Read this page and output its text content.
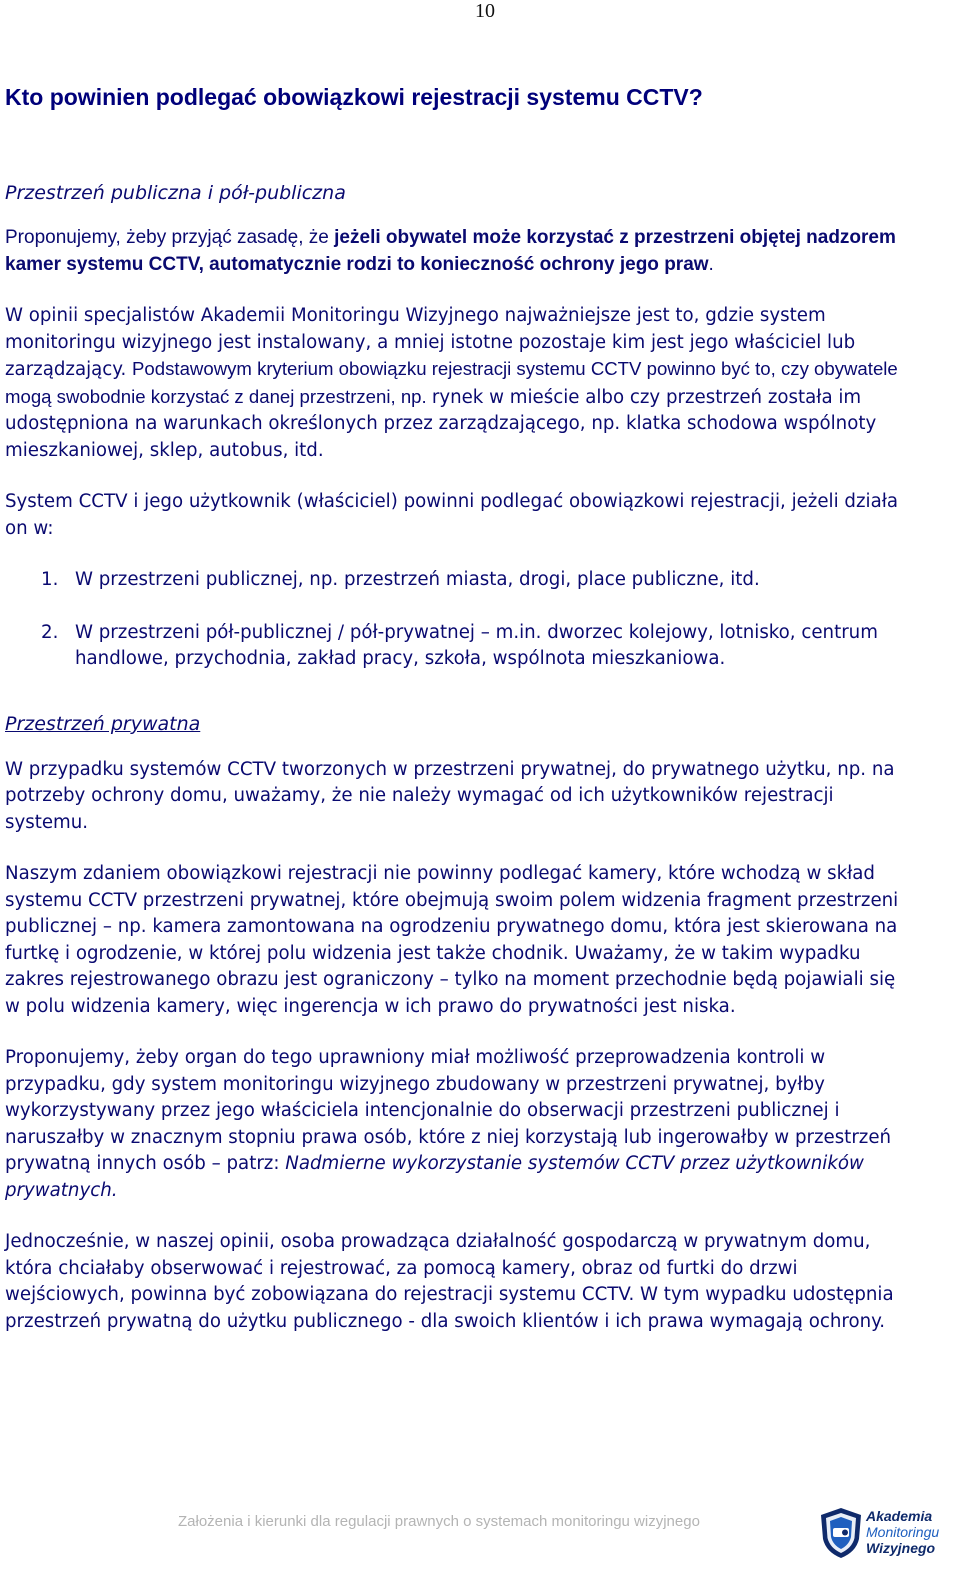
10
Kto powinien podlegać obowiązkowi rejestracji systemu CCTV?
Przestrzeń publiczna i pół-publiczna

Proponujemy, żeby przyjąć zasadę, że jeżeli obywatel może korzystać z przestrzeni objętej nadzorem kamer systemu CCTV, automatycznie rodzi to konieczność ochrony jego praw.

W opinii specjalistów Akademii Monitoringu Wizyjnego najważniejsze jest to, gdzie system monitoringu wizyjnego jest instalowany, a mniej istotne pozostaje kim jest jego właściciel lub zarządzający. Podstawowym kryterium obowiązku rejestracji systemu CCTV powinno być to, czy obywatele mogą swobodnie korzystać z danej przestrzeni, np. rynek w mieście albo czy przestrzeń została im udostępniona na warunkach określonych przez zarządzającego, np. klatka schodowa wspólnoty mieszkaniowej, sklep, autobus, itd.

System CCTV i jego użytkownik (właściciel) powinni podlegać obowiązkowi rejestracji, jeżeli działa on w:

1. W przestrzeni publicznej, np. przestrzeń miasta, drogi, place publiczne, itd.
2. W przestrzeni pół-publicznej / pół-prywatnej – m.in. dworzec kolejowy, lotnisko, centrum handlowe, przychodnia, zakład pracy, szkoła, wspólnota mieszkaniowa.
Przestrzeń prywatna

W przypadku systemów CCTV tworzonych w przestrzeni prywatnej, do prywatnego użytku, np. na potrzeby ochrony domu, uważamy, że nie należy wymagać od ich użytkowników rejestracji systemu.

Naszym zdaniem obowiązkowi rejestracji nie powinny podlegać kamery, które wchodzą w skład systemu CCTV przestrzeni prywatnej, które obejmują swoim polem widzenia fragment przestrzeni publicznej – np. kamera zamontowana na ogrodzeniu prywatnego domu, która jest skierowana na furtkę i ogrodzenie, w której polu widzenia jest także chodnik. Uważamy, że w takim wypadku zakres rejestrowanego obrazu jest ograniczony – tylko na moment przechodnie będą pojawiali się w polu widzenia kamery, więc ingerencja w ich prawo do prywatności jest niska.

Proponujemy, żeby organ do tego uprawniony miał możliwość przeprowadzenia kontroli w przypadku, gdy system monitoringu wizyjnego zbudowany w przestrzeni prywatnej, byłby wykorzystywany przez jego właściciela intencjonalnie do obserwacji przestrzeni publicznej i naruszałby w znacznym stopniu prawa osób, które z niej korzystają lub ingerowałby w przestrzeń prywatną innych osób – patrz: Nadmierne wykorzystanie systemów CCTV przez użytkowników prywatnych.

Jednocześnie, w naszej opinii, osoba prowadząca działalność gospodarczą w prywatnym domu, która chciałaby obserwować i rejestrować, za pomocą kamery, obraz od furtki do drzwi wejściowych, powinna być zobowiązana do rejestracji systemu CCTV. W tym wypadku udostępnia przestrzeń prywatną do użytku publicznego - dla swoich klientów i ich prawa wymagają ochrony.

Założenia i kierunki dla regulacji prawnych o systemach monitoringu wizyjnego	Akademia
Monitoringu
Wizyjnego
